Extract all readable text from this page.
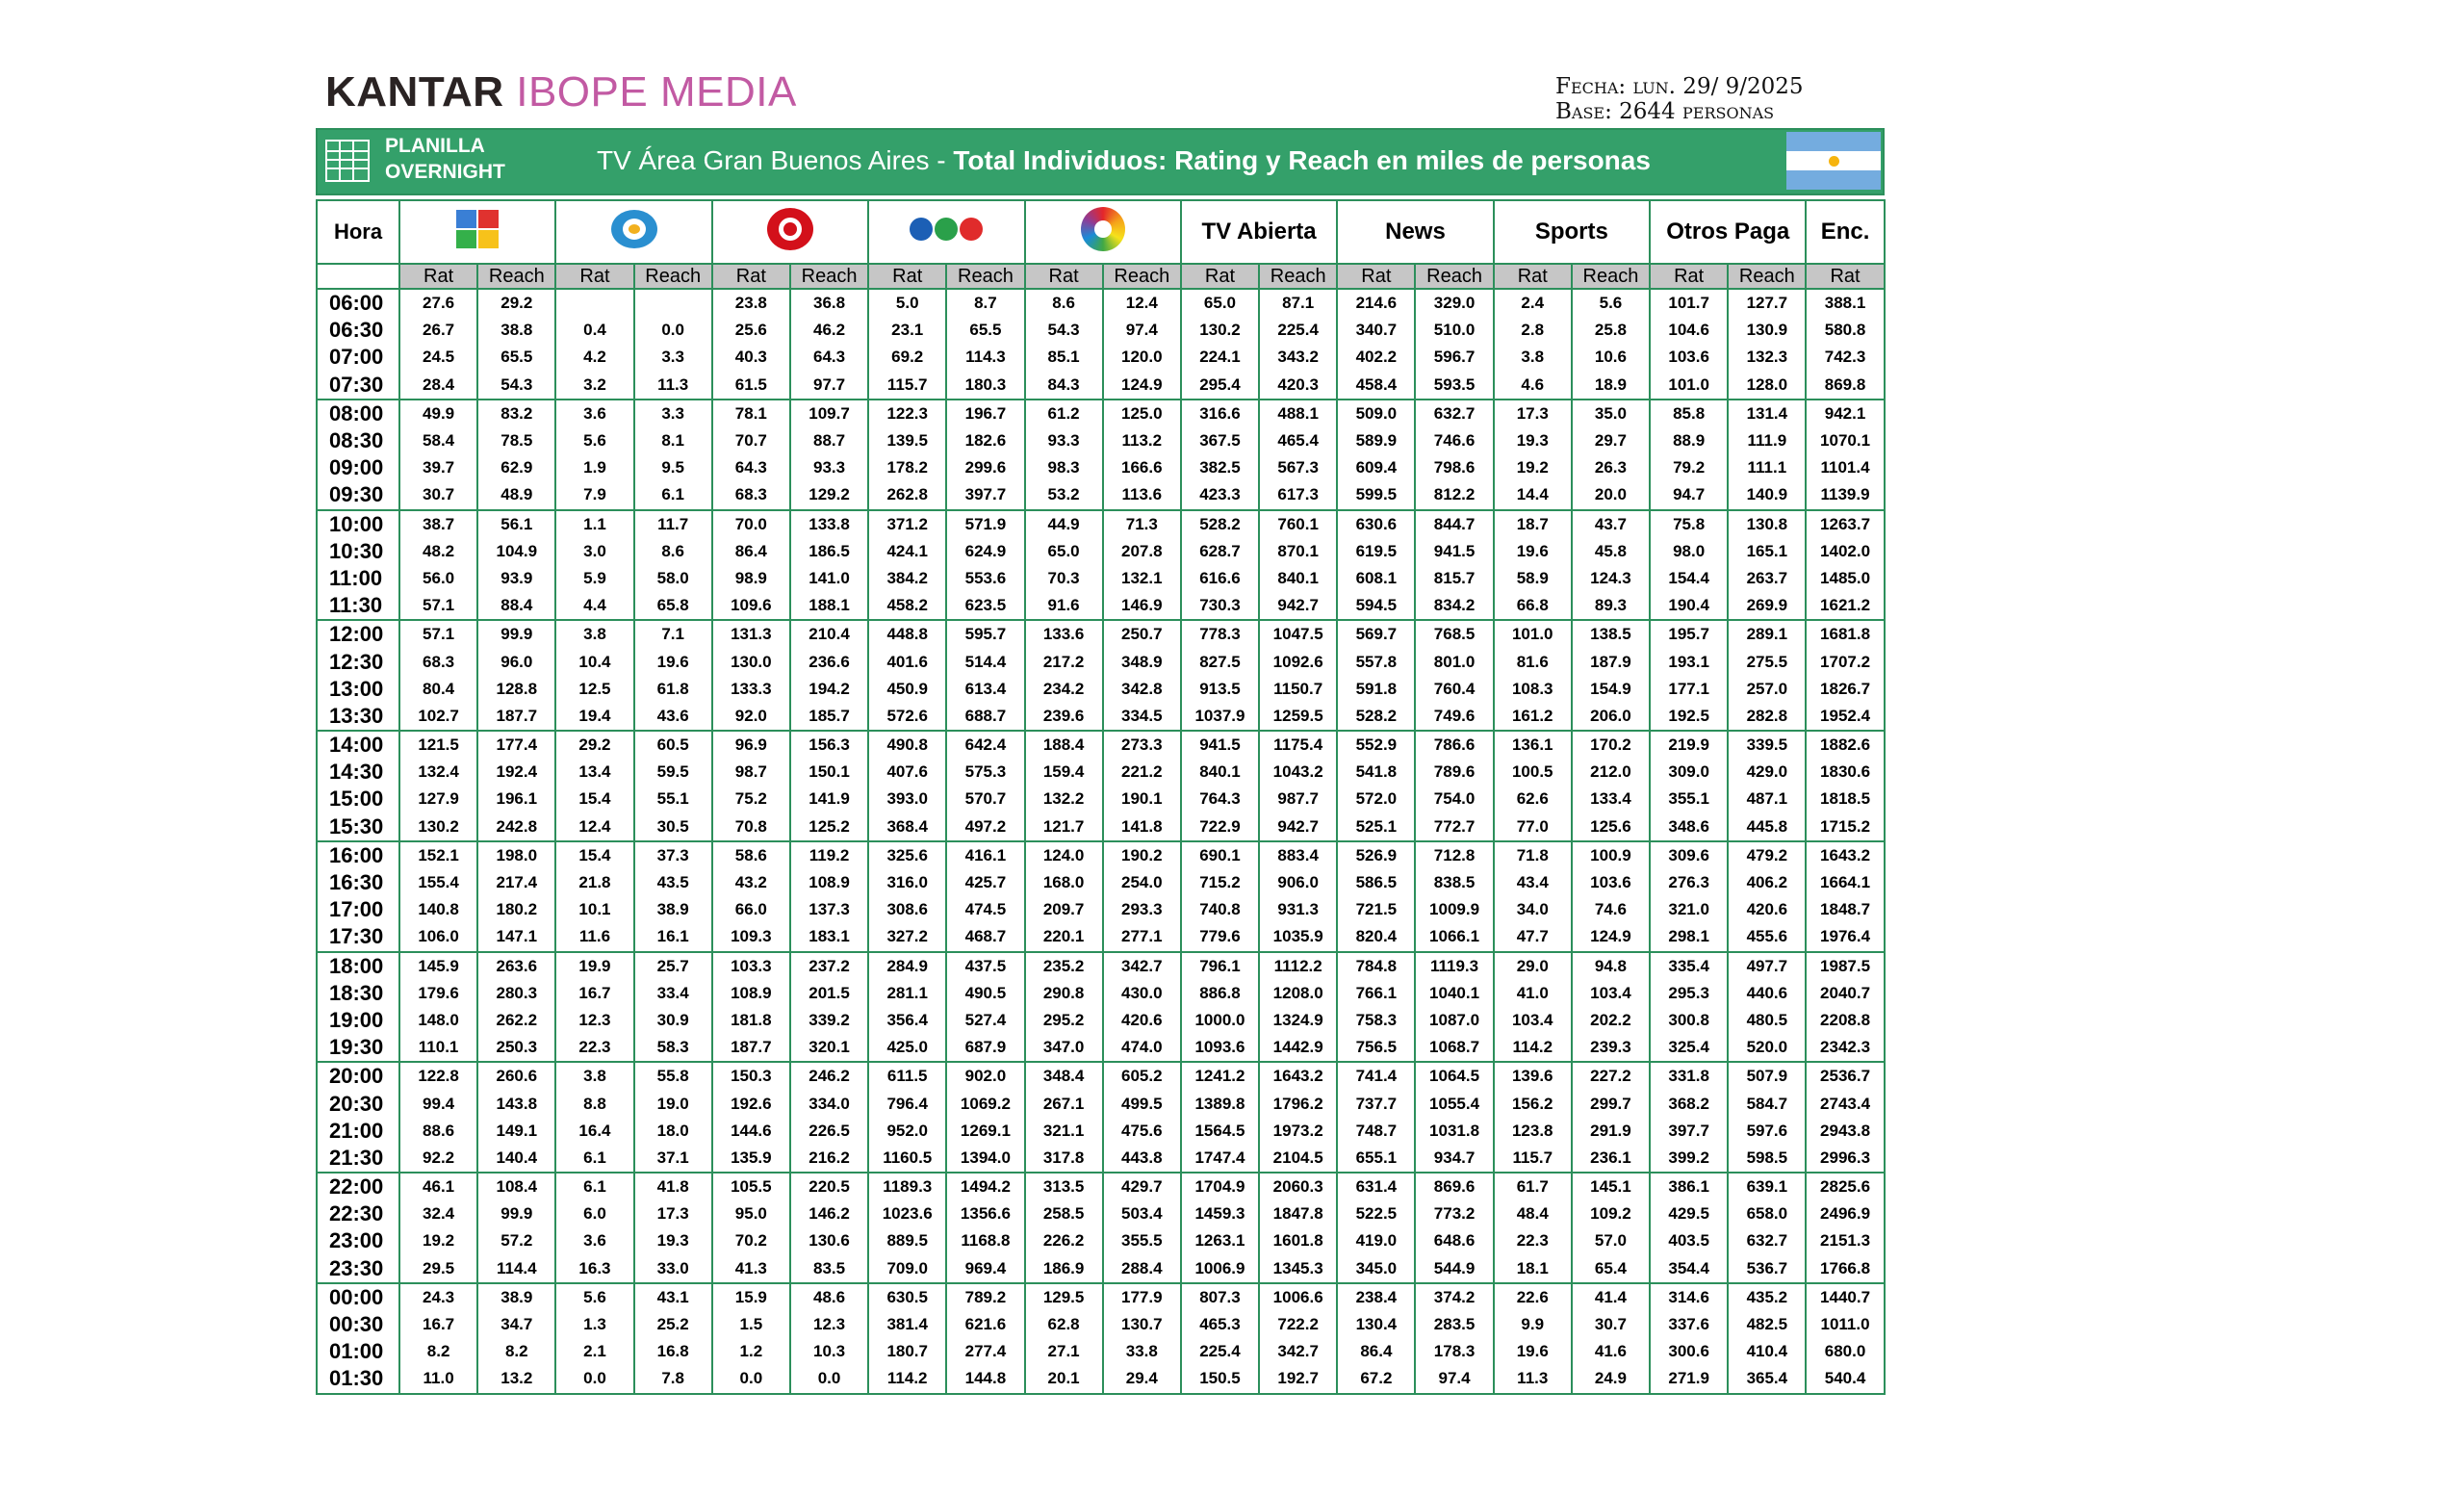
KANTAR IBOPE MEDIA	Fecha: lun. 29/ 9/2025
Base: 2644 personas
PLANILLA
OVERNIGHT	TV Área Gran Buenos Aires - Total Individuos: Rating y Reach en miles de personas
Hora											TV Abierta		News		Sports		Otros Paga		Enc.
	Rat	Reach	Rat	Reach	Rat	Reach	Rat	Reach	Rat	Reach	Rat	Reach	Rat	Reach	Rat	Reach	Rat	Reach	Rat
06:00	27.6	29.2			23.8	36.8	5.0	8.7	8.6	12.4	65.0	87.1	214.6	329.0	2.4	5.6	101.7	127.7	388.1
06:30	26.7	38.8	0.4	0.0	25.6	46.2	23.1	65.5	54.3	97.4	130.2	225.4	340.7	510.0	2.8	25.8	104.6	130.9	580.8
07:00	24.5	65.5	4.2	3.3	40.3	64.3	69.2	114.3	85.1	120.0	224.1	343.2	402.2	596.7	3.8	10.6	103.6	132.3	742.3
07:30	28.4	54.3	3.2	11.3	61.5	97.7	115.7	180.3	84.3	124.9	295.4	420.3	458.4	593.5	4.6	18.9	101.0	128.0	869.8
08:00	49.9	83.2	3.6	3.3	78.1	109.7	122.3	196.7	61.2	125.0	316.6	488.1	509.0	632.7	17.3	35.0	85.8	131.4	942.1
08:30	58.4	78.5	5.6	8.1	70.7	88.7	139.5	182.6	93.3	113.2	367.5	465.4	589.9	746.6	19.3	29.7	88.9	111.9	1070.1
09:00	39.7	62.9	1.9	9.5	64.3	93.3	178.2	299.6	98.3	166.6	382.5	567.3	609.4	798.6	19.2	26.3	79.2	111.1	1101.4
09:30	30.7	48.9	7.9	6.1	68.3	129.2	262.8	397.7	53.2	113.6	423.3	617.3	599.5	812.2	14.4	20.0	94.7	140.9	1139.9
10:00	38.7	56.1	1.1	11.7	70.0	133.8	371.2	571.9	44.9	71.3	528.2	760.1	630.6	844.7	18.7	43.7	75.8	130.8	1263.7
10:30	48.2	104.9	3.0	8.6	86.4	186.5	424.1	624.9	65.0	207.8	628.7	870.1	619.5	941.5	19.6	45.8	98.0	165.1	1402.0
11:00	56.0	93.9	5.9	58.0	98.9	141.0	384.2	553.6	70.3	132.1	616.6	840.1	608.1	815.7	58.9	124.3	154.4	263.7	1485.0
11:30	57.1	88.4	4.4	65.8	109.6	188.1	458.2	623.5	91.6	146.9	730.3	942.7	594.5	834.2	66.8	89.3	190.4	269.9	1621.2
12:00	57.1	99.9	3.8	7.1	131.3	210.4	448.8	595.7	133.6	250.7	778.3	1047.5	569.7	768.5	101.0	138.5	195.7	289.1	1681.8
12:30	68.3	96.0	10.4	19.6	130.0	236.6	401.6	514.4	217.2	348.9	827.5	1092.6	557.8	801.0	81.6	187.9	193.1	275.5	1707.2
13:00	80.4	128.8	12.5	61.8	133.3	194.2	450.9	613.4	234.2	342.8	913.5	1150.7	591.8	760.4	108.3	154.9	177.1	257.0	1826.7
13:30	102.7	187.7	19.4	43.6	92.0	185.7	572.6	688.7	239.6	334.5	1037.9	1259.5	528.2	749.6	161.2	206.0	192.5	282.8	1952.4
14:00	121.5	177.4	29.2	60.5	96.9	156.3	490.8	642.4	188.4	273.3	941.5	1175.4	552.9	786.6	136.1	170.2	219.9	339.5	1882.6
14:30	132.4	192.4	13.4	59.5	98.7	150.1	407.6	575.3	159.4	221.2	840.1	1043.2	541.8	789.6	100.5	212.0	309.0	429.0	1830.6
15:00	127.9	196.1	15.4	55.1	75.2	141.9	393.0	570.7	132.2	190.1	764.3	987.7	572.0	754.0	62.6	133.4	355.1	487.1	1818.5
15:30	130.2	242.8	12.4	30.5	70.8	125.2	368.4	497.2	121.7	141.8	722.9	942.7	525.1	772.7	77.0	125.6	348.6	445.8	1715.2
16:00	152.1	198.0	15.4	37.3	58.6	119.2	325.6	416.1	124.0	190.2	690.1	883.4	526.9	712.8	71.8	100.9	309.6	479.2	1643.2
16:30	155.4	217.4	21.8	43.5	43.2	108.9	316.0	425.7	168.0	254.0	715.2	906.0	586.5	838.5	43.4	103.6	276.3	406.2	1664.1
17:00	140.8	180.2	10.1	38.9	66.0	137.3	308.6	474.5	209.7	293.3	740.8	931.3	721.5	1009.9	34.0	74.6	321.0	420.6	1848.7
17:30	106.0	147.1	11.6	16.1	109.3	183.1	327.2	468.7	220.1	277.1	779.6	1035.9	820.4	1066.1	47.7	124.9	298.1	455.6	1976.4
18:00	145.9	263.6	19.9	25.7	103.3	237.2	284.9	437.5	235.2	342.7	796.1	1112.2	784.8	1119.3	29.0	94.8	335.4	497.7	1987.5
18:30	179.6	280.3	16.7	33.4	108.9	201.5	281.1	490.5	290.8	430.0	886.8	1208.0	766.1	1040.1	41.0	103.4	295.3	440.6	2040.7
19:00	148.0	262.2	12.3	30.9	181.8	339.2	356.4	527.4	295.2	420.6	1000.0	1324.9	758.3	1087.0	103.4	202.2	300.8	480.5	2208.8
19:30	110.1	250.3	22.3	58.3	187.7	320.1	425.0	687.9	347.0	474.0	1093.6	1442.9	756.5	1068.7	114.2	239.3	325.4	520.0	2342.3
20:00	122.8	260.6	3.8	55.8	150.3	246.2	611.5	902.0	348.4	605.2	1241.2	1643.2	741.4	1064.5	139.6	227.2	331.8	507.9	2536.7
20:30	99.4	143.8	8.8	19.0	192.6	334.0	796.4	1069.2	267.1	499.5	1389.8	1796.2	737.7	1055.4	156.2	299.7	368.2	584.7	2743.4
21:00	88.6	149.1	16.4	18.0	144.6	226.5	952.0	1269.1	321.1	475.6	1564.5	1973.2	748.7	1031.8	123.8	291.9	397.7	597.6	2943.8
21:30	92.2	140.4	6.1	37.1	135.9	216.2	1160.5	1394.0	317.8	443.8	1747.4	2104.5	655.1	934.7	115.7	236.1	399.2	598.5	2996.3
22:00	46.1	108.4	6.1	41.8	105.5	220.5	1189.3	1494.2	313.5	429.7	1704.9	2060.3	631.4	869.6	61.7	145.1	386.1	639.1	2825.6
22:30	32.4	99.9	6.0	17.3	95.0	146.2	1023.6	1356.6	258.5	503.4	1459.3	1847.8	522.5	773.2	48.4	109.2	429.5	658.0	2496.9
23:00	19.2	57.2	3.6	19.3	70.2	130.6	889.5	1168.8	226.2	355.5	1263.1	1601.8	419.0	648.6	22.3	57.0	403.5	632.7	2151.3
23:30	29.5	114.4	16.3	33.0	41.3	83.5	709.0	969.4	186.9	288.4	1006.9	1345.3	345.0	544.9	18.1	65.4	354.4	536.7	1766.8
00:00	24.3	38.9	5.6	43.1	15.9	48.6	630.5	789.2	129.5	177.9	807.3	1006.6	238.4	374.2	22.6	41.4	314.6	435.2	1440.7
00:30	16.7	34.7	1.3	25.2	1.5	12.3	381.4	621.6	62.8	130.7	465.3	722.2	130.4	283.5	9.9	30.7	337.6	482.5	1011.0
01:00	8.2	8.2	2.1	16.8	1.2	10.3	180.7	277.4	27.1	33.8	225.4	342.7	86.4	178.3	19.6	41.6	300.6	410.4	680.0
01:30	11.0	13.2	0.0	7.8	0.0	0.0	114.2	144.8	20.1	29.4	150.5	192.7	67.2	97.4	11.3	24.9	271.9	365.4	540.4
